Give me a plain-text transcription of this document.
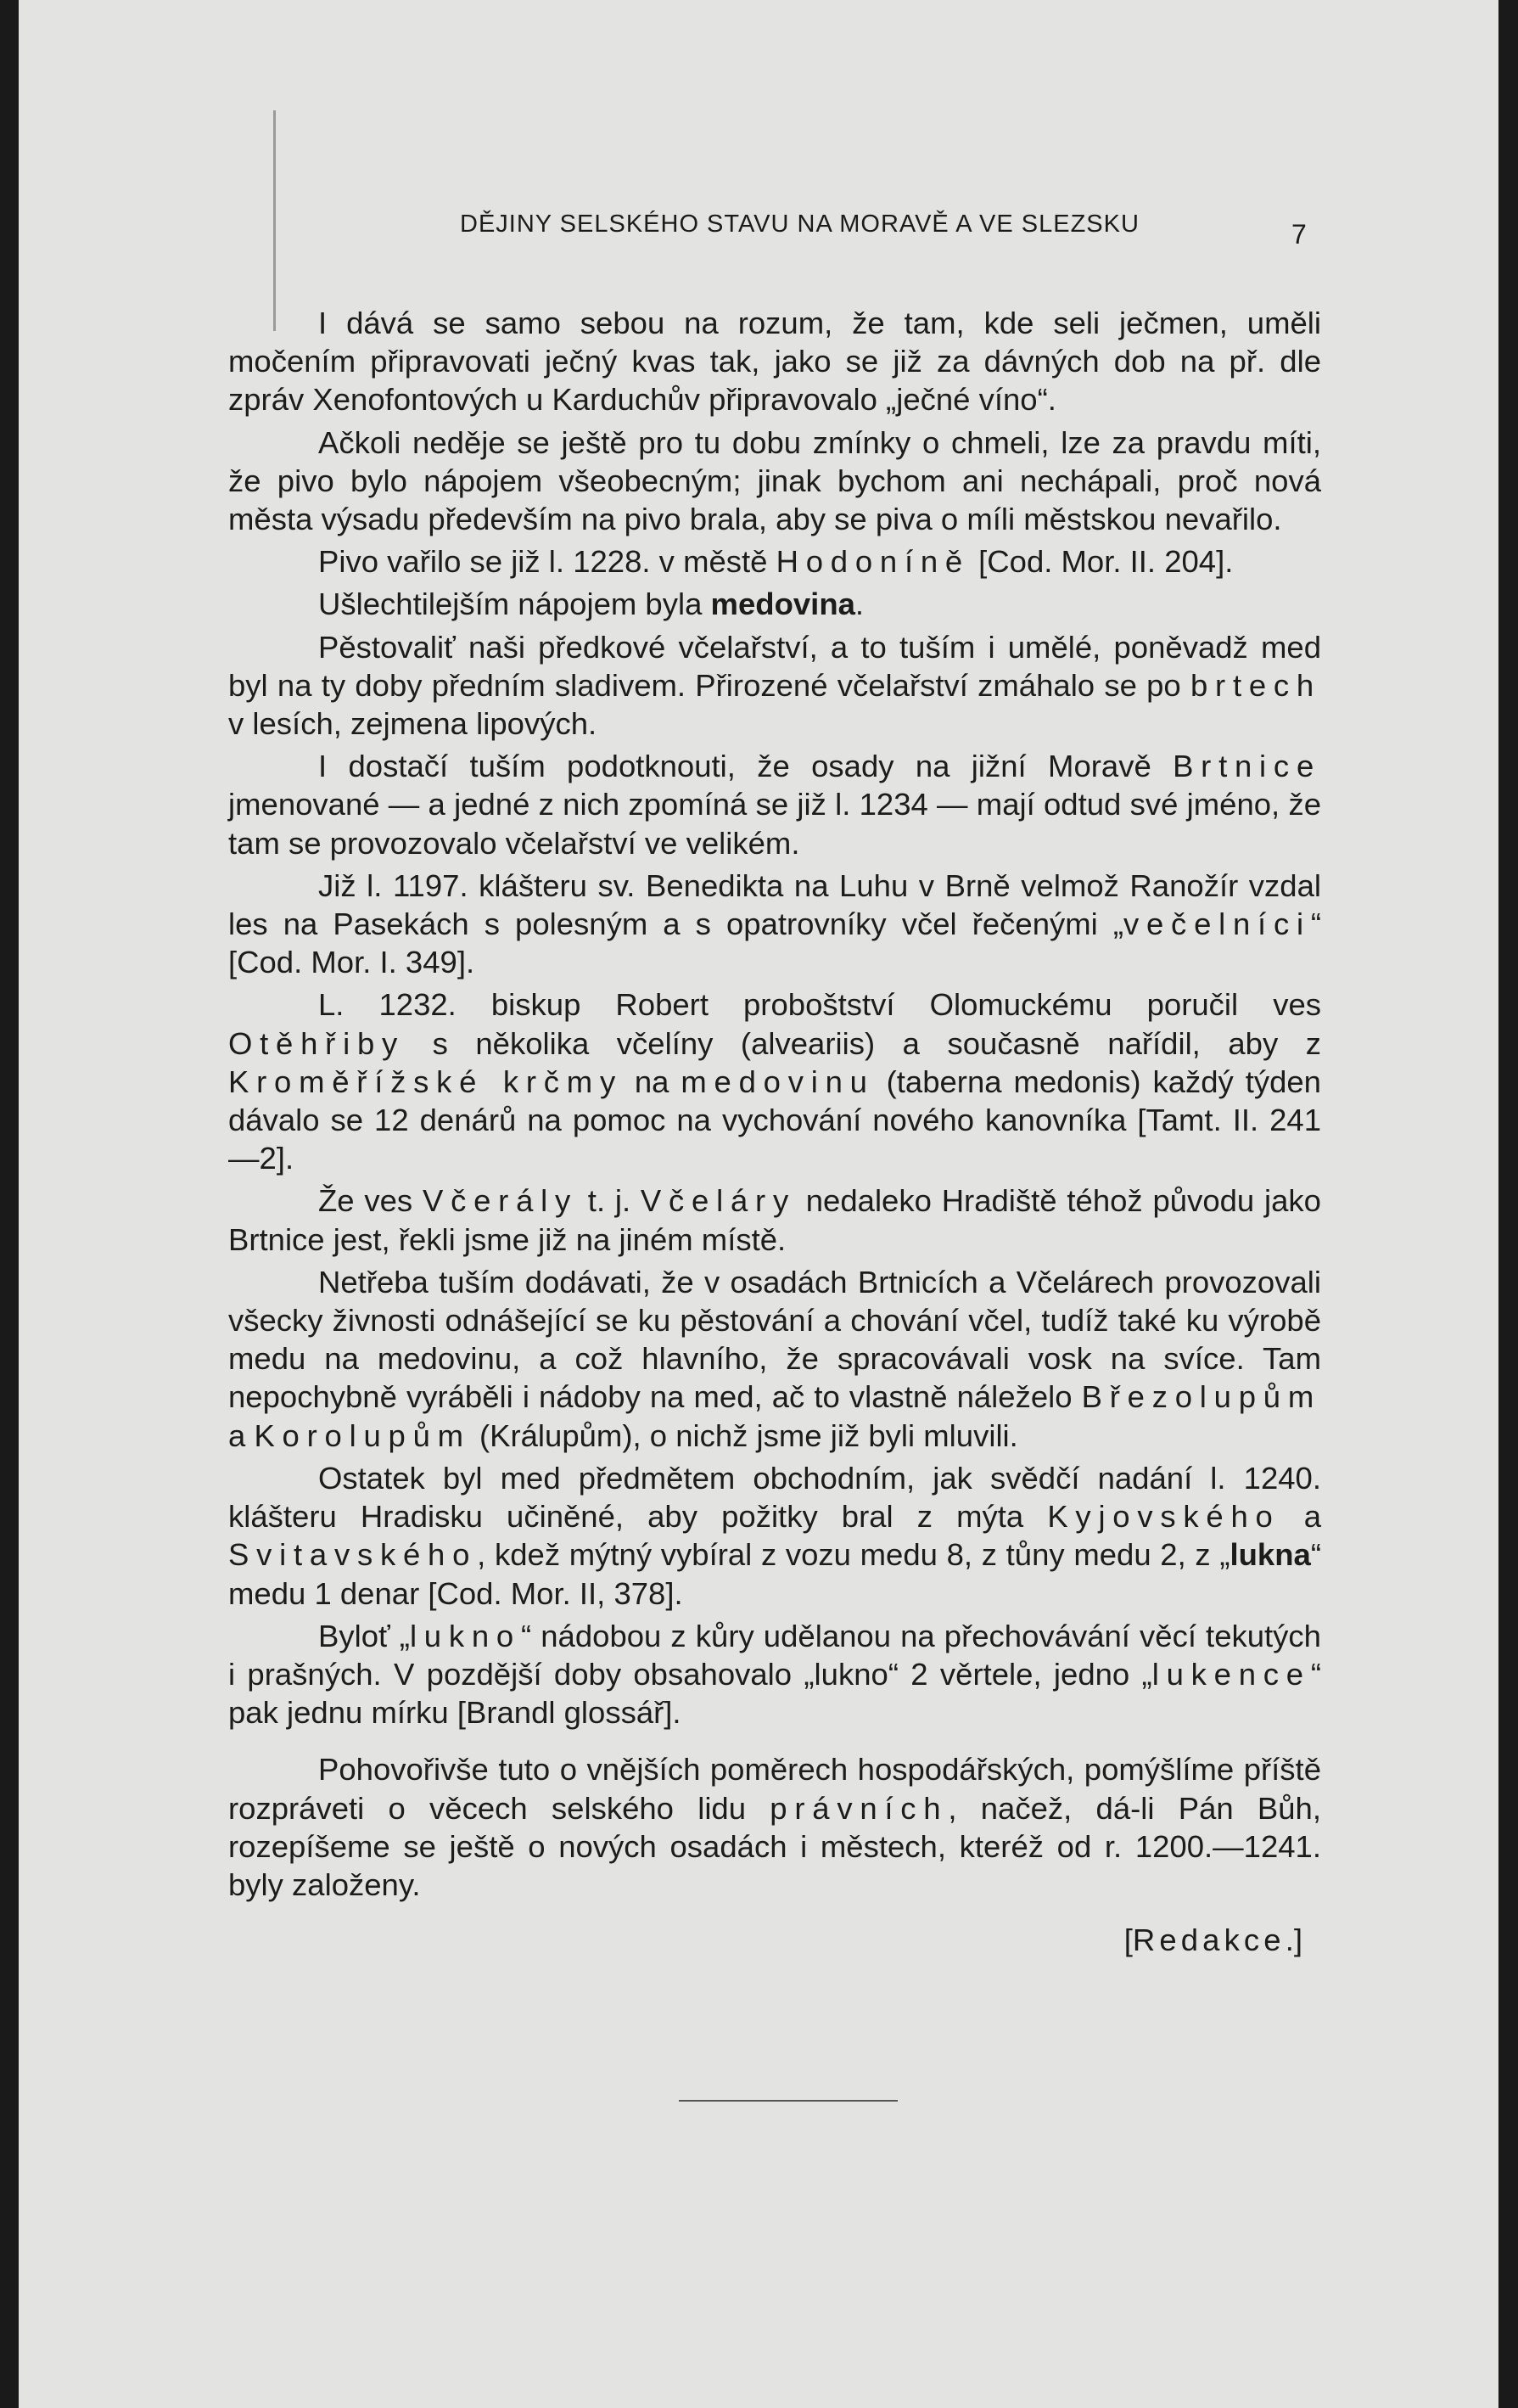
DĚJINY SELSKÉHO STAVU NA MORAVĚ A VE SLEZSKU	7

I dává se samo sebou na rozum, že tam, kde seli ječmen, uměli močením připravovati ječný kvas tak, jako se již za dávných dob na př. dle zpráv Xenofontových u Karduchův připravovalo „ječné víno“.

Ačkoli neděje se ještě pro tu dobu zmínky o chmeli, lze za pravdu míti, že pivo bylo nápojem všeobecným; jinak bychom ani nechápali, proč nová města výsadu především na pivo brala, aby se piva o míli městskou nevařilo.

Pivo vařilo se již l. 1228. v městě Hodoníně [Cod. Mor. II. 204].

Ušlechtilejším nápojem byla medovina.

Pěstovaliť naši předkové včelařství, a to tuším i umělé, poněvadž med byl na ty doby předním sladivem. Přirozené včelařství zmáhalo se po brtech v lesích, zejmena lipových.

I dostačí tuším podotknouti, že osady na jižní Moravě Brtnice jmenované — a jedné z nich zpomíná se již l. 1234 — mají odtud své jméno, že tam se provozovalo včelařství ve velikém.

Již l. 1197. klášteru sv. Benedikta na Luhu v Brně velmož Ranožír vzdal les na Pasekách s polesným a s opatrovníky včel řečenými „večelníci“ [Cod. Mor. I. 349].

L. 1232. biskup Robert proboštství Olomuckému poručil ves Otěhřiby s několika včelíny (alveariis) a současně nařídil, aby z Kroměřížské krčmy na medovinu (taberna medonis) každý týden dávalo se 12 denárů na pomoc na vychování nového kanovníka [Tamt. II. 241—2].

Že ves Včerály t. j. Včeláry nedaleko Hradiště téhož původu jako Brtnice jest, řekli jsme již na jiném místě.

Netřeba tuším dodávati, že v osadách Brtnicích a Včelárech provozovali všecky živnosti odnášející se ku pěstování a chování včel, tudíž také ku výrobě medu na medovinu, a což hlavního, že spracovávali vosk na svíce. Tam nepochybně vyráběli i nádoby na med, ač to vlastně náleželo Březolupům a Korolupům (Králupům), o nichž jsme již byli mluvili.

Ostatek byl med předmětem obchodním, jak svědčí nadání l. 1240. klášteru Hradisku učiněné, aby požitky bral z mýta Kyjovského a Svitavského, kdež mýtný vybíral z vozu medu 8, z tůny medu 2, z „lukna“ medu 1 denar [Cod. Mor. II, 378].

Byloť „lukno“ nádobou z kůry udělanou na přechovávání věcí tekutých i prašných. V pozdější doby obsahovalo „lukno“ 2 věrtele, jedno „lukence“ pak jednu mírku [Brandl glossář].

Pohovořivše tuto o vnějších poměrech hospodářských, pomýšlíme příště rozpráveti o věcech selského lidu právních, načež, dá-li Pán Bůh, rozepíšeme se ještě o nových osadách i městech, kteréž od r. 1200.—1241. byly založeny.

[Redakce.]
